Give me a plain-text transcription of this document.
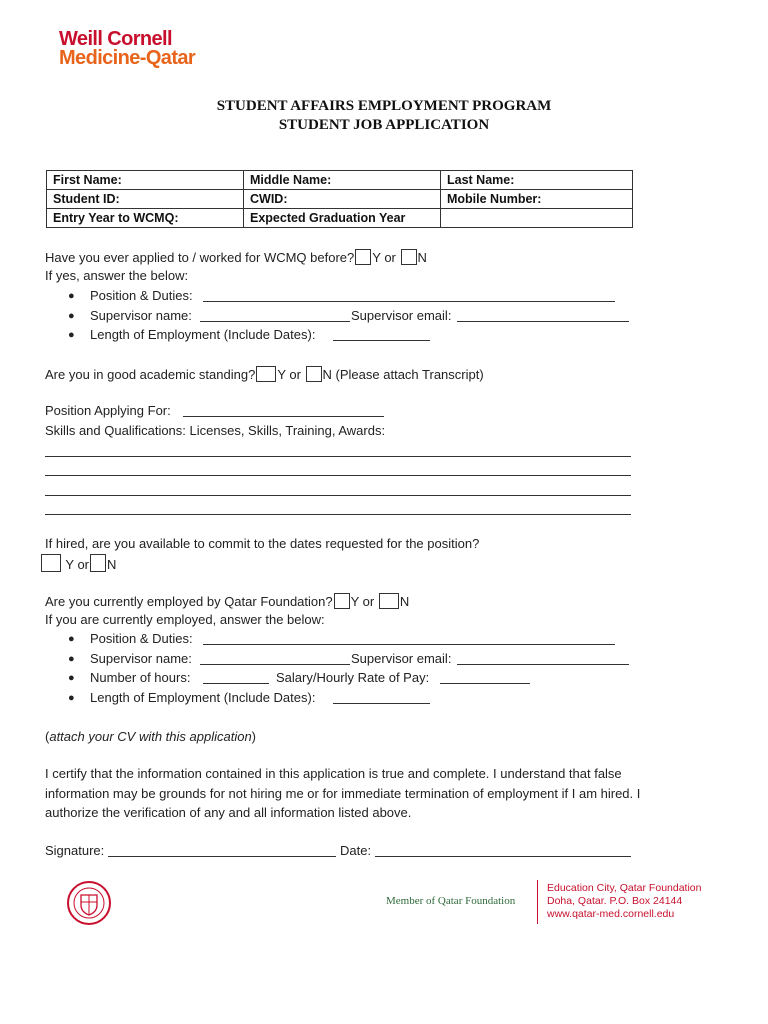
Weill Cornell
Medicine-Qatar
STUDENT AFFAIRS EMPLOYMENT PROGRAM
STUDENT JOB APPLICATION
First Name:	Middle Name:	Last Name:
Student ID:	CWID:	Mobile Number:
Entry Year to WCMQ:	Expected Graduation Year	
Have you ever applied to / worked for WCMQ before? Y or N
If yes, answer the below:
● Position & Duties:
● Supervisor name:	Supervisor email:
● Length of Employment (Include Dates):
Are you in good academic standing? Y or N (Please attach Transcript)
Position Applying For:
Skills and Qualifications: Licenses, Skills, Training, Awards:
If hired, are you available to commit to the dates requested for the position?
Y or N
Are you currently employed by Qatar Foundation? Y or N
If you are currently employed, answer the below:
● Position & Duties:
● Supervisor name:	Supervisor email:
● Number of hours:	Salary/Hourly Rate of Pay:
● Length of Employment (Include Dates):
(attach your CV with this application)
I certify that the information contained in this application is true and complete. I understand that false
information may be grounds for not hiring me or for immediate termination of employment if I am hired. I
authorize the verification of any and all information listed above.
Signature:	Date:
Member of Qatar Foundation
Education City, Qatar Foundation
Doha, Qatar. P.O. Box 24144
www.qatar-med.cornell.edu
